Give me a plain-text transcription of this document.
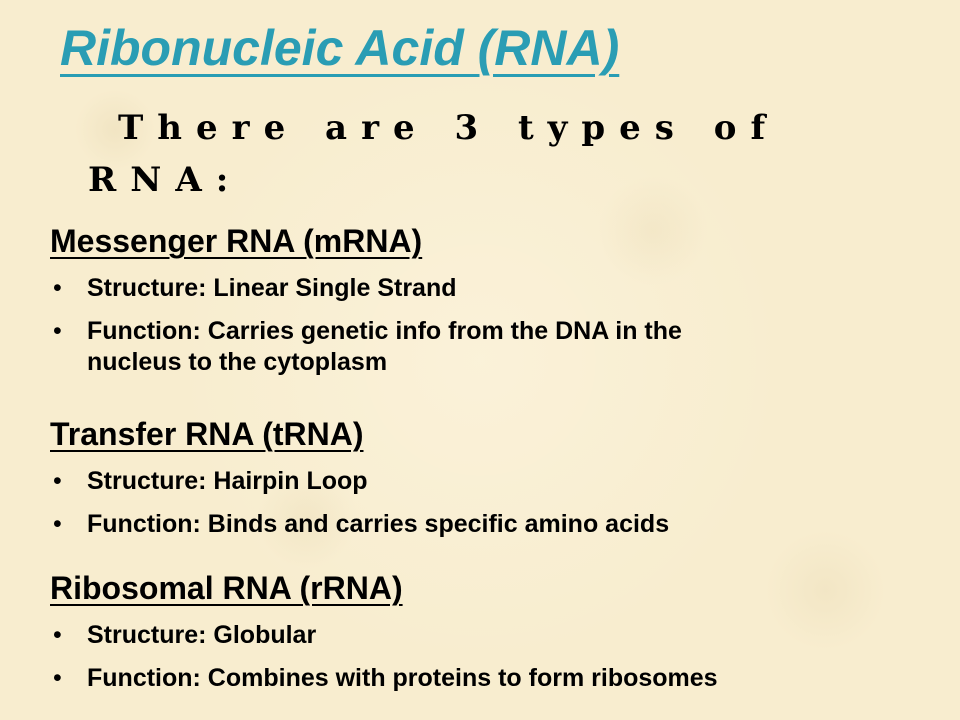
Ribonucleic Acid (RNA)

There are 3 types of RNA:

Messenger RNA (mRNA)
• Structure: Linear Single Strand
• Function: Carries genetic info from the DNA in the nucleus to the cytoplasm
Transfer RNA (tRNA)
• Structure: Hairpin Loop
• Function: Binds and carries specific amino acids
Ribosomal RNA (rRNA)
• Structure: Globular
• Function: Combines with proteins to form ribosomes
